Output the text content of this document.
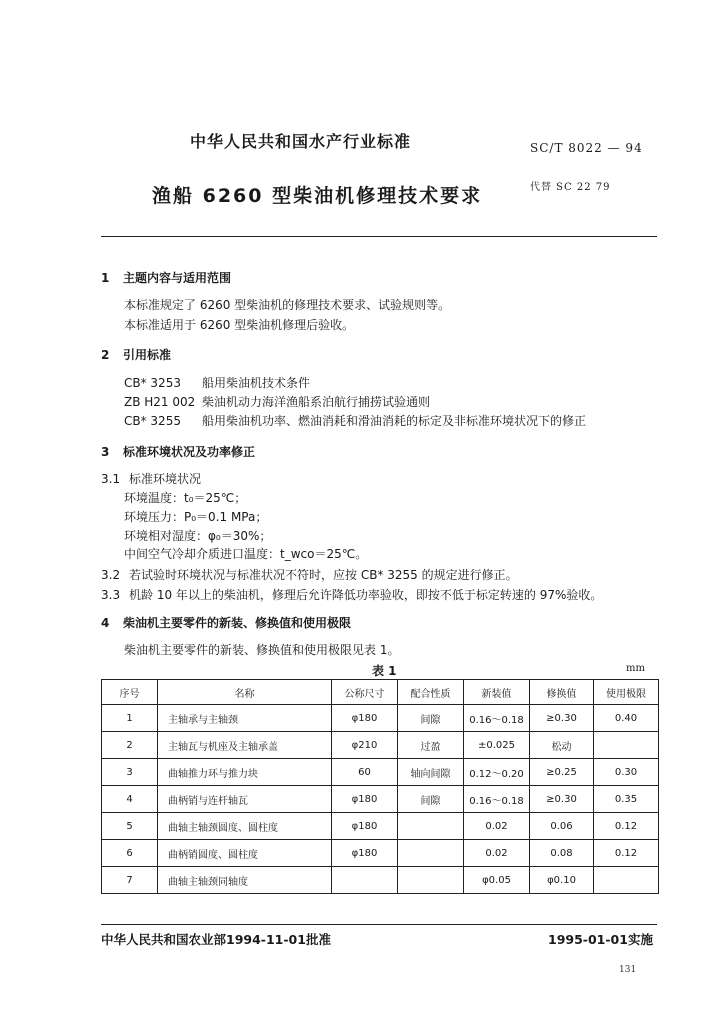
中华人民共和国水产行业标准	SC/T 8022 — 94
渔船 6260 型柴油机修理技术要求	代替 SC 22 79
1 主题内容与适用范围
本标准规定了 6260 型柴油机的修理技术要求、试验规则等。
本标准适用于 6260 型柴油机修理后验收。
2 引用标准
CB* 3253 船用柴油机技术条件
ZB H21 002 柴油机动力海洋渔船系泊航行捕捞试验通则
CB* 3255 船用柴油机功率、燃油消耗和滑油消耗的标定及非标准环境状况下的修正
3 标准环境状况及功率修正
3.1 标准环境状况
环境温度：t₀＝25℃；
环境压力：P₀＝0.1 MPa；
环境相对湿度：φ₀＝30%；
中间空气冷却介质进口温度：t_wco＝25℃。
3.2 若试验时环境状况与标准状况不符时，应按 CB* 3255 的规定进行修正。
3.3 机龄 10 年以上的柴油机，修理后允许降低功率验收，即按不低于标定转速的 97%验收。
4 柴油机主要零件的新装、修换值和使用极限
柴油机主要零件的新装、修换值和使用极限见表 1。
表 1	mm
序号	名称	公称尺寸	配合性质	新装值	修换值	使用极限
1	主轴承与主轴颈	φ180	间隙	0.16～0.18	≥0.30	0.40
2	主轴瓦与机座及主轴承盖	φ210	过盈	±0.025	松动	
3	曲轴推力环与推力块	60	轴向间隙	0.12～0.20	≥0.25	0.30
4	曲柄销与连杆轴瓦	φ180	间隙	0.16～0.18	≥0.30	0.35
5	曲轴主轴颈圆度、圆柱度	φ180		0.02	0.06	0.12
6	曲柄销圆度、圆柱度	φ180		0.02	0.08	0.12
7	曲轴主轴颈同轴度			φ0.05	φ0.10	
中华人民共和国农业部1994-11-01批准	1995-01-01实施
131
